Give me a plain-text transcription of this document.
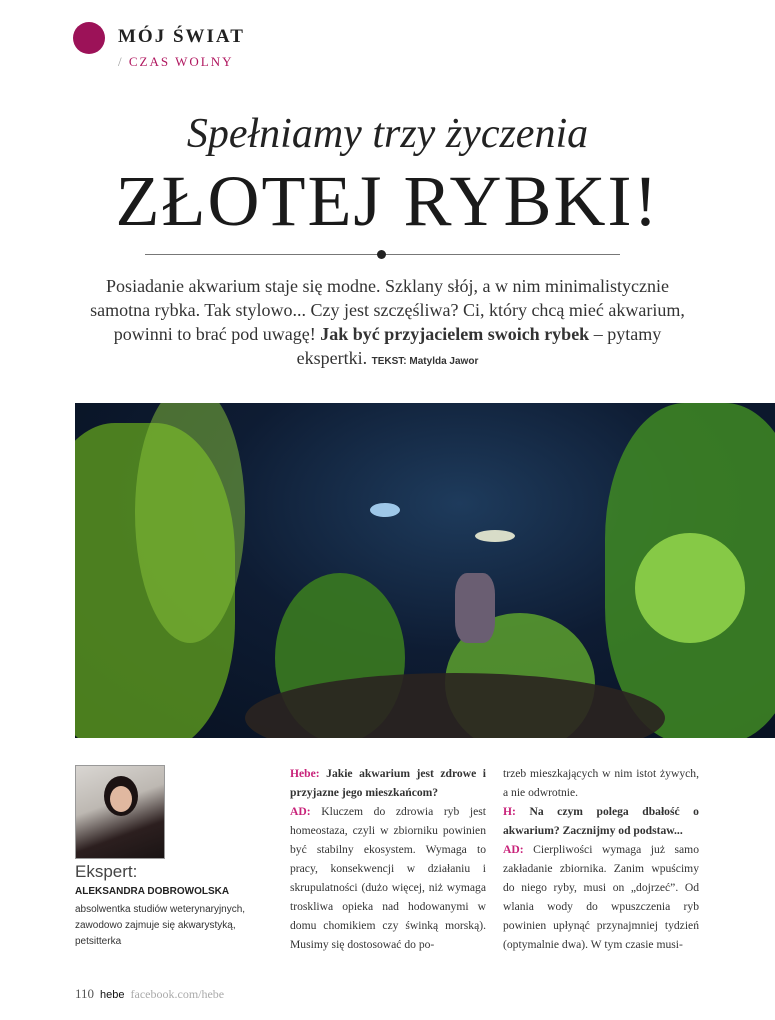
MÓJ ŚWIAT
/ CZAS WOLNY
Spełniamy trzy życzenia
ZŁOTEJ RYBKI!
Posiadanie akwarium staje się modne. Szklany słój, a w nim minimalistycznie samotna rybka. Tak stylowo... Czy jest szczęśliwa? Ci, który chcą mieć akwarium, powinni to brać pod uwagę! Jak być przyjacielem swoich rybek – pytamy ekspertki. TEKST: Matylda Jawor
Ekspert:
ALEKSANDRA DOBROWOLSKA
absolwentka studiów weterynaryjnych, zawodowo zajmuje się akwarystyką, petsitterka

Hebe: Jakie akwarium jest zdrowe i przyjazne jego mieszkańcom?

AD: Kluczem do zdrowia ryb jest homeostaza, czyli w zbiorniku powinien być stabilny ekosystem. Wymaga to pracy, konsekwencji w działaniu i skrupulatności (dużo więcej, niż wymaga troskliwa opieka nad hodowanymi w domu chomikiem czy świnką morską). Musimy się dostosować do po-

trzeb mieszkających w nim istot żywych, a nie odwrotnie.

H: Na czym polega dbałość o akwarium? Zacznijmy od podstaw...

AD: Cierpliwości wymaga już samo zakładanie zbiornika. Zanim wpuścimy do niego ryby, musi on „dojrzeć”. Od wlania wody do wpuszczenia ryb powinien upłynąć przynajmniej tydzień (optymalnie dwa). W tym czasie musi-

110 hebe facebook.com/hebe
